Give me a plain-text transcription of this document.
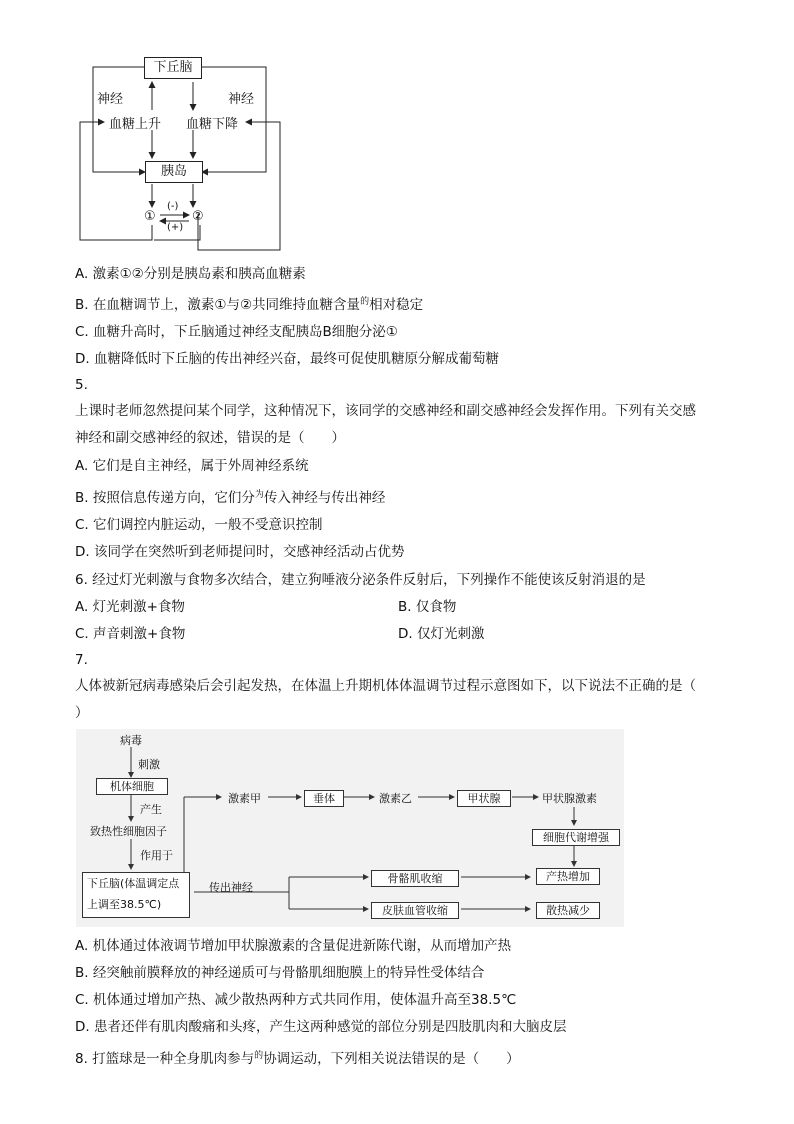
下丘脑
神经	神经
血糖上升 血糖下降
胰岛
①	②
(-)
(+)
A. 激素①②分别是胰岛素和胰高血糖素
B. 在血糖调节上，激素①与②共同维持血糖含量$^的$相对稳定
C. 血糖升高时，下丘脑通过神经支配胰岛B细胞分泌①
D. 血糖降低时下丘脑的传出神经兴奋，最终可促使肌糖原分解成葡萄糖
5.
上课时老师忽然提问某个同学，这种情况下，该同学的交感神经和副交感神经会发挥作用。下列有关交感
神经和副交感神经的叙述，错误的是（　　）
A. 它们是自主神经，属于外周神经系统
B. 按照信息传递方向，它们分$^为$传入神经与传出神经
C. 它们调控内脏运动，一般不受意识控制
D. 该同学在突然听到老师提问时，交感神经活动占优势
6. 经过灯光刺激与食物多次结合，建立狗唾液分泌条件反射后，下列操作不能使该反射消退的是
A. 灯光刺激+食物	B. 仅食物
C. 声音刺激+食物	D. 仅灯光刺激
7.
人体被新冠病毒感染后会引起发热，在体温上升期机体体温调节过程示意图如下，以下说法不正确的是（
）
病毒
刺激
机体细胞
产生
致热性细胞因子
作用于
下丘脑(体温调定点
上调至38.5℃)
激素甲	垂体	激素乙	甲状腺	甲状腺激素
细胞代谢增强
产热增加
传出神经
骨骼肌收缩
皮肤血管收缩	散热减少
A. 机体通过体液调节增加甲状腺激素的含量促进新陈代谢，从而增加产热
B. 经突触前膜释放的神经递质可与骨骼肌细胞膜上的特异性受体结合
C. 机体通过增加产热、减少散热两种方式共同作用，使体温升高至38.5℃
D. 患者还伴有肌肉酸痛和头疼，产生这两种感觉的部位分别是四肢肌肉和大脑皮层
8. 打篮球是一种全身肌肉参与$^的$协调运动，下列相关说法错误的是（　　）
